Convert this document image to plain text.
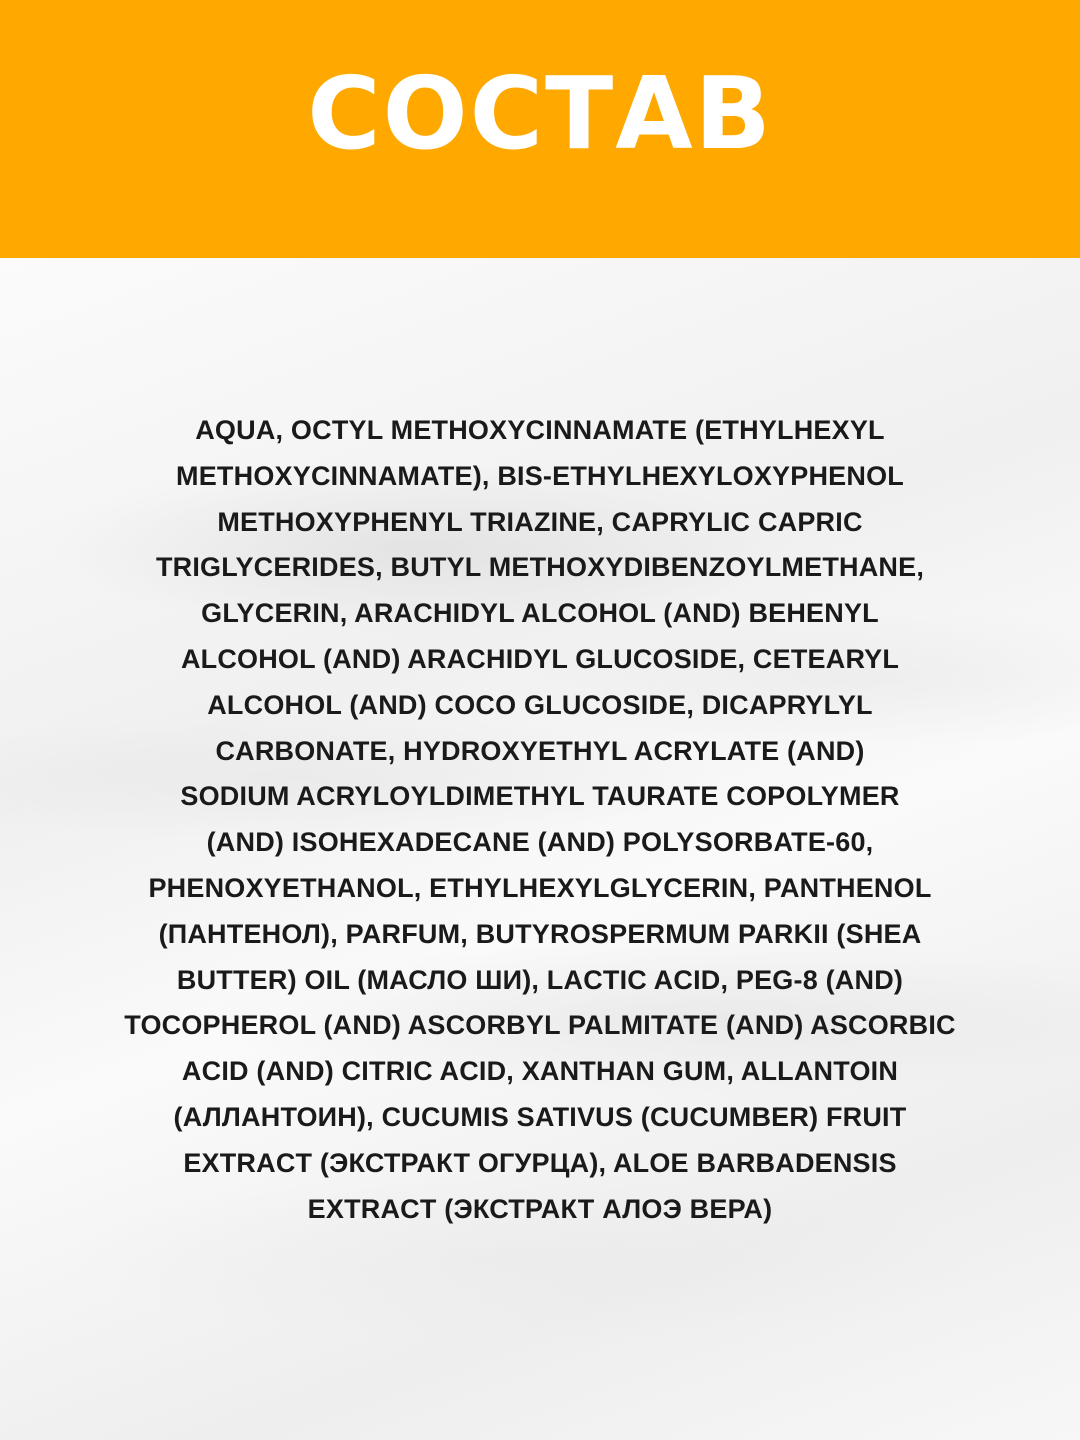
СОСТАВ

AQUA, OCTYL METHOXYCINNAMATE (ETHYLHEXYL
METHOXYCINNAMATE), BIS-ETHYLHEXYLOXYPHENOL
METHOXYPHENYL TRIAZINE, CAPRYLIC CAPRIC
TRIGLYCERIDES, BUTYL METHOXYDIBENZOYLMETHANE,
GLYCERIN, ARACHIDYL ALCOHOL (AND) BEHENYL
ALCOHOL (AND) ARACHIDYL GLUCOSIDE, CETEARYL
ALCOHOL (AND) COCO GLUCOSIDE, DICAPRYLYL
CARBONATE, HYDROXYETHYL ACRYLATE (AND)
SODIUM ACRYLOYLDIMETHYL TAURATE COPOLYMER
(AND) ISOHEXADECANE (AND) POLYSORBATE-60,
PHENOXYETHANOL, ETHYLHEXYLGLYCERIN, PANTHENOL
(ПАНТЕНОЛ), PARFUM, BUTYROSPERMUM PARKII (SHEA
BUTTER) OIL (МАСЛО ШИ), LACTIC ACID, PEG-8 (AND)
TOCOPHEROL (AND) ASCORBYL PALMITATE (AND) ASCORBIC
ACID (AND) CITRIC ACID, XANTHAN GUM, ALLANTOIN
(АЛЛАНТОИН), CUCUMIS SATIVUS (CUCUMBER) FRUIT
EXTRACT (ЭКСТРАКТ ОГУРЦА), ALOE BARBADENSIS
EXTRACT (ЭКСТРАКТ АЛОЭ ВЕРА)
